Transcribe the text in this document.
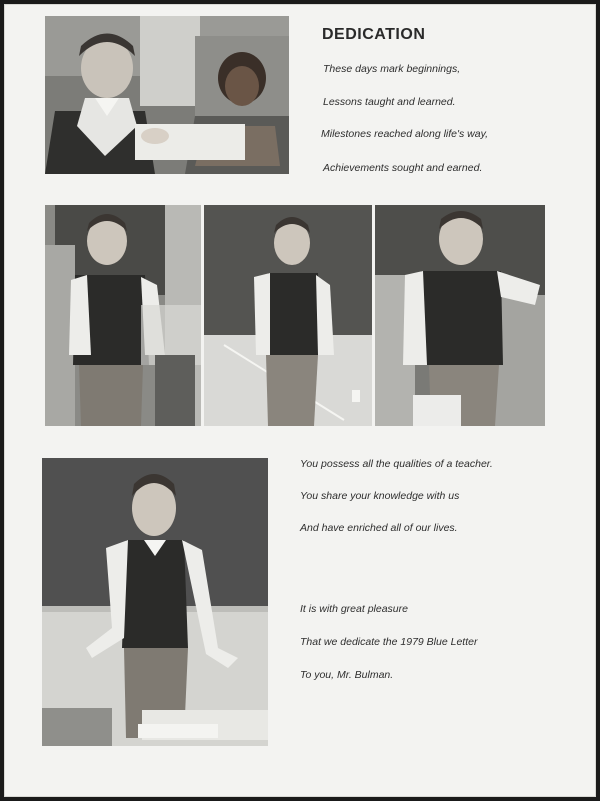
DEDICATION
These days mark beginnings,
Lessons taught and learned.
Milestones reached along life's way,
Achievements sought and earned.
You possess all the qualities of a teacher.
You share your knowledge with us
And have enriched all of our lives.
It is with great pleasure
That we dedicate the 1979 Blue Letter
To you, Mr. Bulman.
